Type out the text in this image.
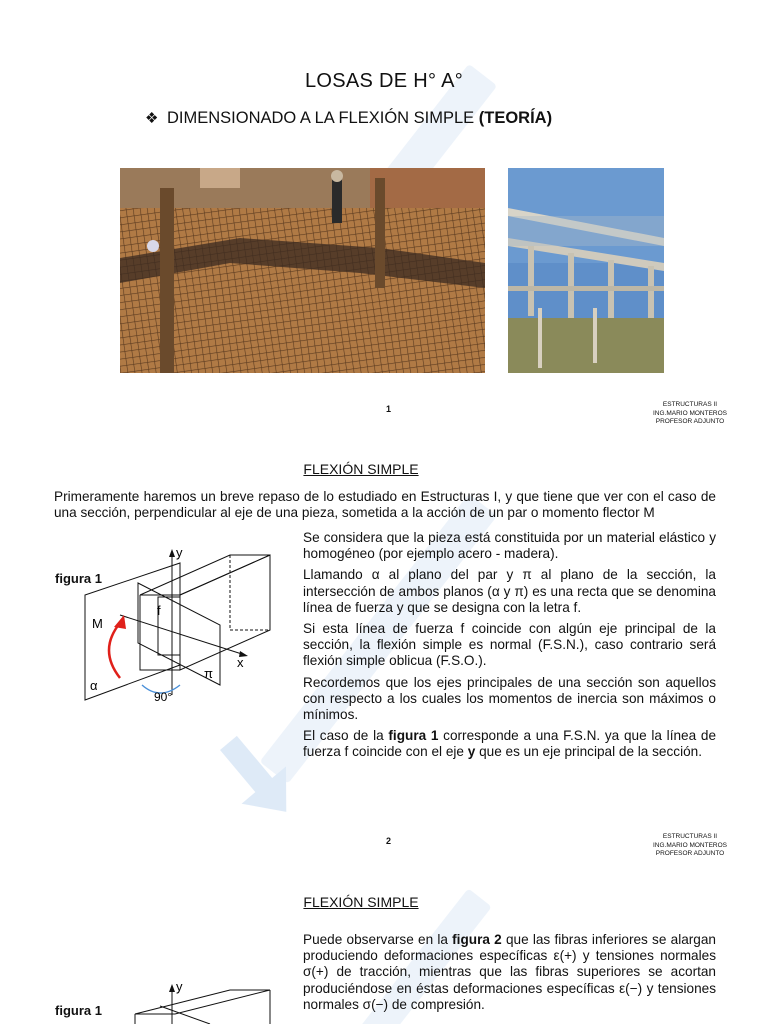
LOSAS DE H° A°
❖ DIMENSIONADO A LA FLEXIÓN SIMPLE (TEORÍA)
1	ESTRUCTURAS II
ING.MARIO MONTEROS
PROFESOR ADJUNTO
FLEXIÓN SIMPLE
Primeramente haremos un breve repaso de lo estudiado en Estructuras I, y que tiene que ver con el caso de una sección, perpendicular al eje de una pieza, sometida a la acción de un par o momento flector M
figura 1
y
x
f
M
α
π
90°
Se considera que la pieza está constituida por un material elástico y homogéneo (por ejemplo acero - madera).
Llamando α al plano del par y π al plano de la sección, la intersección de ambos planos (α y π) es una recta que se denomina línea de fuerza y que se designa con la letra f.
Si esta línea de fuerza f coincide con algún eje principal de la sección, la flexión simple es normal (F.S.N.), caso contrario será flexión simple oblicua (F.S.O.).
Recordemos que los ejes principales de una sección son aquellos con respecto a los cuales los momentos de inercia son máximos o mínimos.
El caso de la figura 1 corresponde a una F.S.N. ya que la línea de fuerza f coincide con el eje y que es un eje principal de la sección.
2	ESTRUCTURAS II
ING.MARIO MONTEROS
PROFESOR ADJUNTO
FLEXIÓN SIMPLE
Puede observarse en la figura 2 que las fibras inferiores se alargan produciendo deformaciones específicas ε(+) y tensiones normales σ(+) de tracción, mientras que las fibras superiores se acortan produciéndose en éstas deformaciones específicas ε(−) y tensiones normales σ(−) de compresión.
figura 1
y
